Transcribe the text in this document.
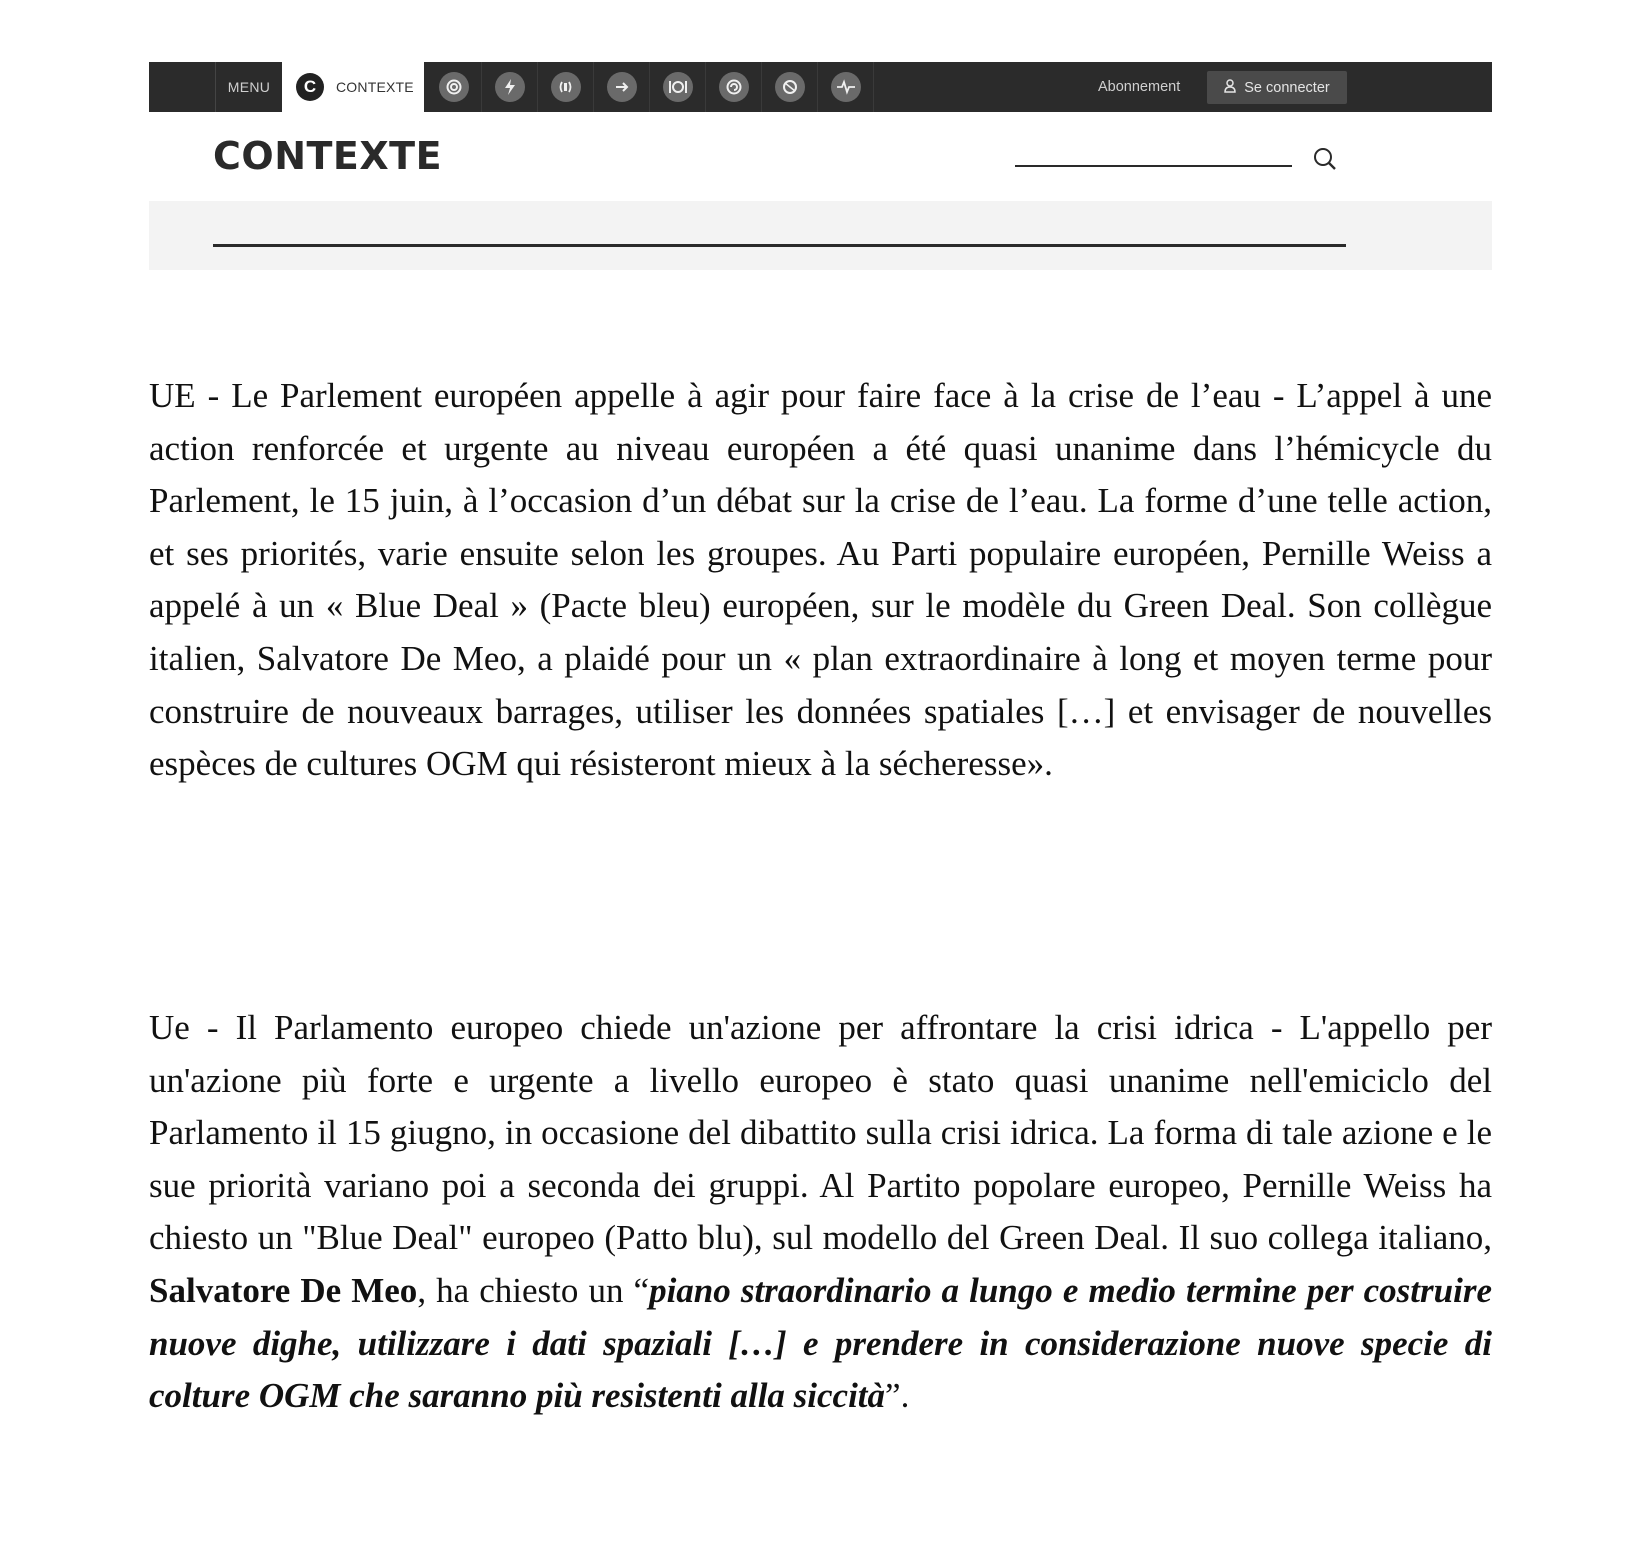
MENU	C	CONTEXTE	Abonnement	Se connecter
CONTEXTE

UE - Le Parlement européen appelle à agir pour faire face à la crise de l’eau - L’appel à une action renforcée et urgente au niveau européen a été quasi unanime dans l’hémicycle du Parlement, le 15 juin, à l’occasion d’un débat sur la crise de l’eau. La forme d’une telle action, et ses priorités, varie ensuite selon les groupes. Au Parti populaire européen, Pernille Weiss a appelé à un « Blue Deal » (Pacte bleu) européen, sur le modèle du Green Deal. Son collègue italien, Salvatore De Meo, a plaidé pour un « plan extraordinaire à long et moyen terme pour construire de nouveaux barrages, utiliser les données spatiales […] et envisager de nouvelles espèces de cultures OGM qui résisteront mieux à la sécheresse».

Ue - Il Parlamento europeo chiede un'azione per affrontare la crisi idrica - L'appello per un'azione più forte e urgente a livello europeo è stato quasi unanime nell'emiciclo del Parlamento il 15 giugno, in occasione del dibattito sulla crisi idrica. La forma di tale azione e le sue priorità variano poi a seconda dei gruppi. Al Partito popolare europeo, Pernille Weiss ha chiesto un "Blue Deal" europeo (Patto blu), sul modello del Green Deal. Il suo collega italiano, Salvatore De Meo, ha chiesto un “piano straordinario a lungo e medio termine per costruire nuove dighe, utilizzare i dati spaziali […] e prendere in considerazione nuove specie di colture OGM che saranno più resistenti alla siccità”.
